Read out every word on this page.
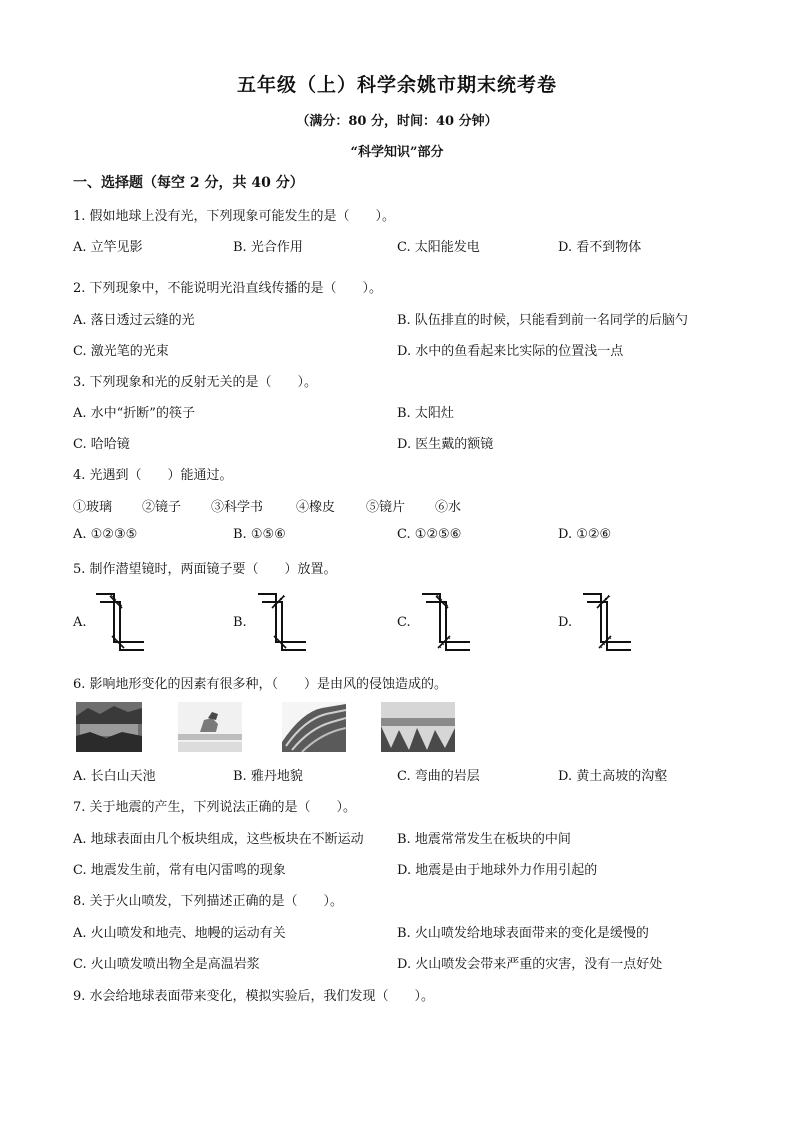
五年级（上）科学余姚市期末统考卷
（满分：80 分，时间：40 分钟）
“科学知识”部分
一、选择题（每空 2 分，共 40 分）
1. 假如地球上没有光，下列现象可能发生的是（　　）。
A. 立竿见影	B. 光合作用	C. 太阳能发电	D. 看不到物体
2. 下列现象中，不能说明光沿直线传播的是（　　）。
A. 落日透过云缝的光	B. 队伍排直的时候，只能看到前一名同学的后脑勺
C. 激光笔的光束	D. 水中的鱼看起来比实际的位置浅一点
3. 下列现象和光的反射无关的是（　　）。
A. 水中“折断”的筷子	B. 太阳灶
C. 哈哈镜	D. 医生戴的额镜
4. 光遇到（　　）能通过。
①玻璃 ②镜子 ③科学书	④橡皮 ⑤镜片 ⑥水
A. ①②③⑤	B. ①⑤⑥	C. ①②⑤⑥	D. ①②⑥
5. 制作潜望镜时，两面镜子要（　　）放置。
A.	B.	C.	D.
6. 影响地形变化的因素有很多种，（　　）是由风的侵蚀造成的。
A. 长白山天池	B. 雅丹地貌	C. 弯曲的岩层	D. 黄土高坡的沟壑
7. 关于地震的产生，下列说法正确的是（　　）。
A. 地球表面由几个板块组成，这些板块在不断运动	B. 地震常常发生在板块的中间
C. 地震发生前，常有电闪雷鸣的现象	D. 地震是由于地球外力作用引起的
8. 关于火山喷发，下列描述正确的是（　　）。
A. 火山喷发和地壳、地幔的运动有关	B. 火山喷发给地球表面带来的变化是缓慢的
C. 火山喷发喷出物全是高温岩浆	D. 火山喷发会带来严重的灾害，没有一点好处
9. 水会给地球表面带来变化，模拟实验后，我们发现（　　）。
